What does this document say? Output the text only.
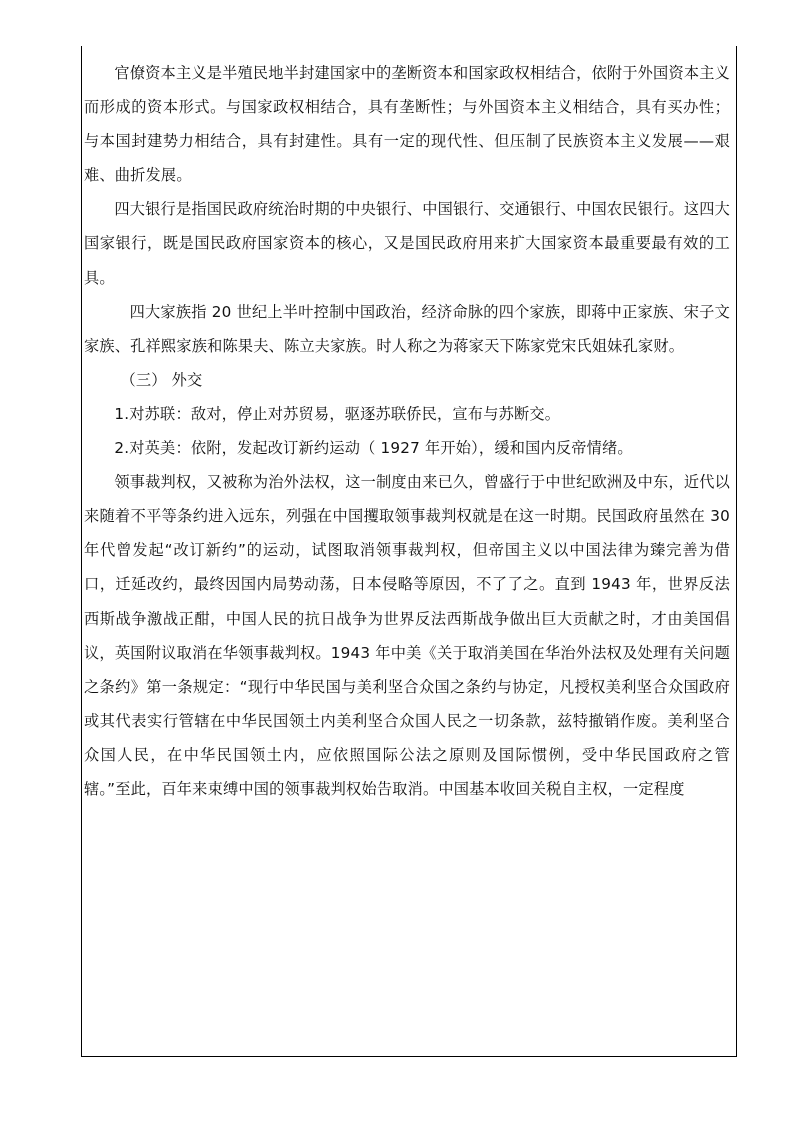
官僚资本主义是半殖民地半封建国家中的垄断资本和国家政权相结合，依附于外国资本主义而形成的资本形式。与国家政权相结合，具有垄断性；与外国资本主义相结合，具有买办性；与本国封建势力相结合，具有封建性。具有一定的现代性、但压制了民族资本主义发展——艰难、曲折发展。

四大银行是指国民政府统治时期的中央银行、中国银行、交通银行、中国农民银行。这四大国家银行，既是国民政府国家资本的核心，又是国民政府用来扩大国家资本最重要最有效的工具。

四大家族指 20 世纪上半叶控制中国政治，经济命脉的四个家族，即蒋中正家族、宋子文家族、孔祥熙家族和陈果夫、陈立夫家族。时人称之为蒋家天下陈家党宋氏姐妹孔家财。

（三） 外交

1.对苏联：敌对，停止对苏贸易，驱逐苏联侨民，宣布与苏断交。

2.对英美：依附，发起改订新约运动（ 1927 年开始），缓和国内反帝情绪。

领事裁判权，又被称为治外法权，这一制度由来已久，曾盛行于中世纪欧洲及中东，近代以来随着不平等条约进入远东，列强在中国攫取领事裁判权就是在这一时期。民国政府虽然在 30 年代曾发起“改订新约”的运动，试图取消领事裁判权，但帝国主义以中国法律为臻完善为借口，迁延改约，最终因国内局势动荡，日本侵略等原因，不了了之。直到 1943 年，世界反法西斯战争激战正酣，中国人民的抗日战争为世界反法西斯战争做出巨大贡献之时，才由美国倡议，英国附议取消在华领事裁判权。1943 年中美《关于取消美国在华治外法权及处理有关问题之条约》第一条规定：“现行中华民国与美利坚合众国之条约与协定，凡授权美利坚合众国政府或其代表实行管辖在中华民国领土内美利坚合众国人民之一切条款，兹特撤销作废。美利坚合众国人民，在中华民国领土内，应依照国际公法之原则及国际惯例，受中华民国政府之管辖。”至此，百年来束缚中国的领事裁判权始告取消。中国基本收回关税自主权，一定程度
